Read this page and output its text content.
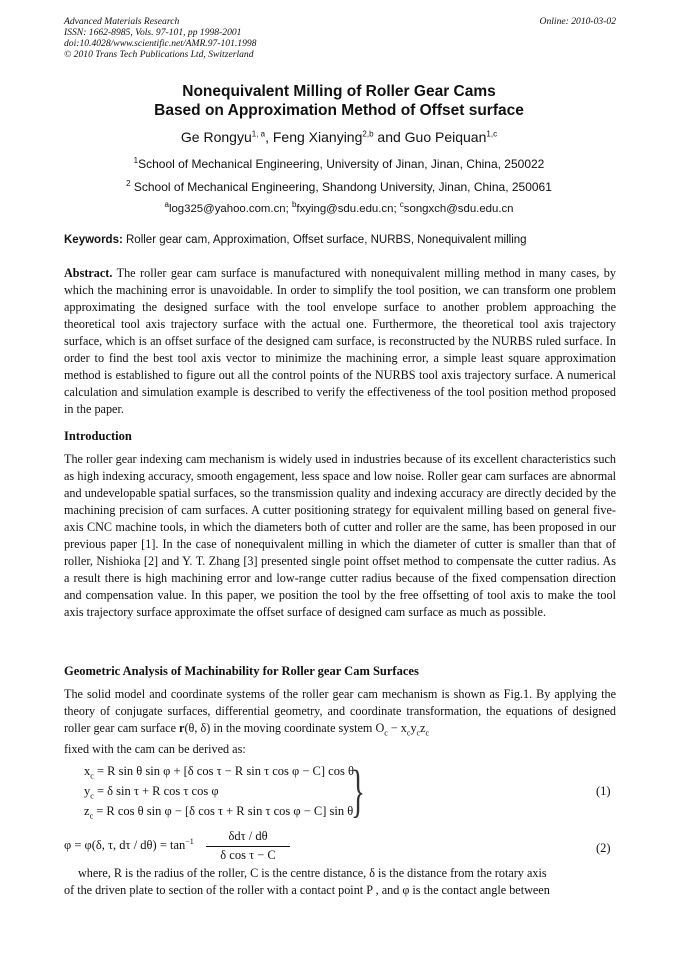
Advanced Materials Research
ISSN: 1662-8985, Vols. 97-101, pp 1998-2001
doi:10.4028/www.scientific.net/AMR.97-101.1998
© 2010 Trans Tech Publications Ltd, Switzerland
Online: 2010-03-02
Nonequivalent Milling of Roller Gear Cams
Based on Approximation Method of Offset surface
Ge Rongyu$^{1, a}$, Feng Xianying$^{2,b}$ and Guo Peiquan$^{1,c}$
$^1$School of Mechanical Engineering, University of Jinan, Jinan, China, 250022
$^2$ School of Mechanical Engineering, Shandong University, Jinan, China, 250061
$^a$log325@yahoo.com.cn; $^b$fxying@sdu.edu.cn; $^c$songxch@sdu.edu.cn
Keywords: Roller gear cam, Approximation, Offset surface, NURBS, Nonequivalent milling
Abstract. The roller gear cam surface is manufactured with nonequivalent milling method in many cases, by which the machining error is unavoidable. In order to simplify the tool position, we can transform one problem approximating the designed surface with the tool envelope surface to another problem approaching the theoretical tool axis trajectory surface with the actual one. Furthermore, the theoretical tool axis trajectory surface, which is an offset surface of the designed cam surface, is reconstructed by the NURBS ruled surface. In order to find the best tool axis vector to minimize the machining error, a simple least square approximation method is established to figure out all the control points of the NURBS tool axis trajectory surface. A numerical calculation and simulation example is described to verify the effectiveness of the tool position method proposed in the paper.
Introduction
The roller gear indexing cam mechanism is widely used in industries because of its excellent characteristics such as high indexing accuracy, smooth engagement, less space and low noise. Roller gear cam surfaces are abnormal and undevelopable spatial surfaces, so the transmission quality and indexing accuracy are directly decided by the machining precision of cam surfaces. A cutter positioning strategy for equivalent milling based on general five-axis CNC machine tools, in which the diameters both of cutter and roller are the same, has been proposed in our previous paper [1]. In the case of nonequivalent milling in which the diameter of cutter is smaller than that of roller, Nishioka [2] and Y. T. Zhang [3] presented single point offset method to compensate the cutter radius. As a result there is high machining error and low-range cutter radius because of the fixed compensation direction and compensation value. In this paper, we position the tool by the free offsetting of tool axis to make the tool axis trajectory surface approximate the offset surface of designed cam surface as much as possible.
Geometric Analysis of Machinability for Roller gear Cam Surfaces
The solid model and coordinate systems of the roller gear cam mechanism is shown as Fig.1. By applying the theory of conjugate surfaces, differential geometry, and coordinate transformation, the equations of designed roller gear cam surface r(θ, δ) in the moving coordinate system $O_c - x_cy_cz_c$
fixed with the cam can be derived as:
$x_c = R$ sin θ sin φ + [δ cos τ − R sin τ cos φ − C] cos θ
$y_c = \delta$ sin τ + R cos τ cos φ
$z_c = R$ cos θ sin φ − [δ cos τ + R sin τ cos φ − C] sin θ
}	(1)
φ = φ(δ, τ, $d\tau / d\theta) = \tan^{-1}$	δdτ / dθ
δ cos τ − C	(2)
where, R is the radius of the roller, C is the centre distance, δ is the distance from the rotary axis
of the driven plate to section of the roller with a contact point P , and φ is the contact angle between
